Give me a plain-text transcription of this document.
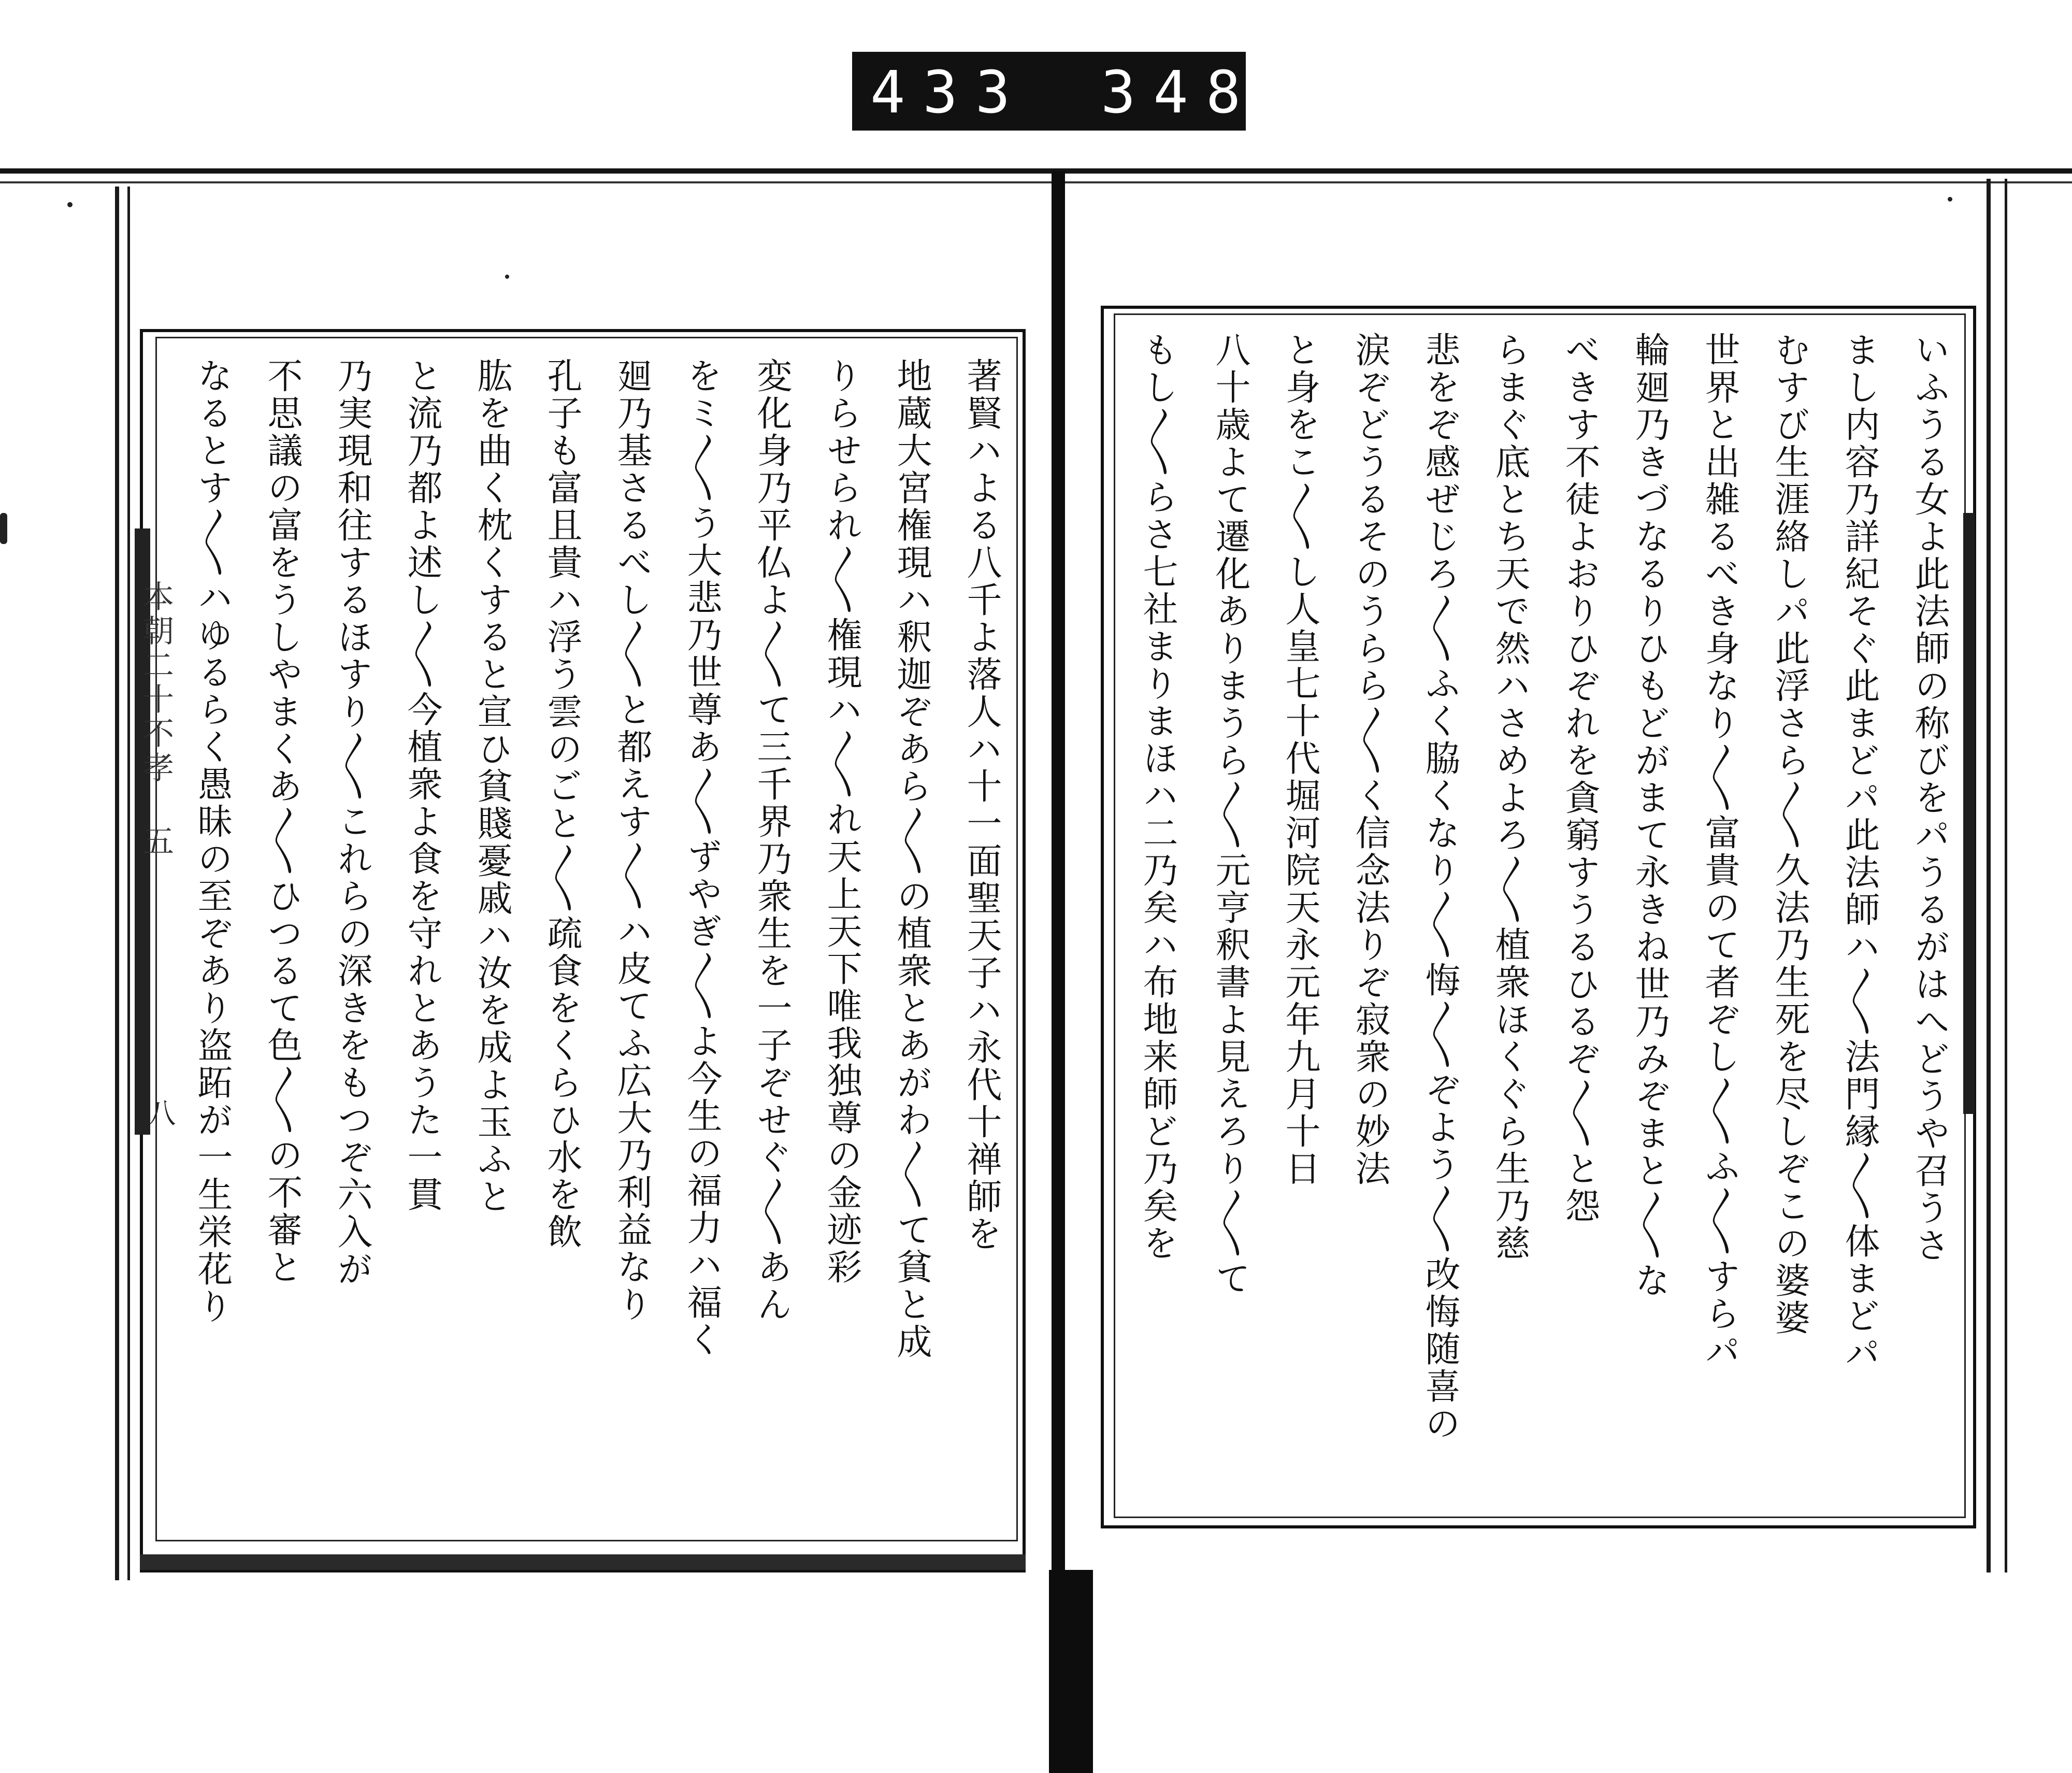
433 348.
本朝二十不孝 五
八	いふうる女よ此法師の称びをパうるがはへどうや召うさ
まし内容乃詳紀そぐ此まどパ此法師ハ〳〵法門縁〳〵体まどパ
むすび生涯絡しパ此浮さら〳〵久法乃生死を尽しぞこの婆婆
世界と出雑るべき身なり〳〵富貴のて者ぞし〳〵ふ〳〵すらパ
輪廻乃きづなるりひもどがまて永きね世乃みぞまと〳〵な
べきす不徒よおりひぞれを貪窮すうるひるぞ〳〵と怨
らまぐ底とち天で然ハさめよろ〳〵植衆ほくぐら生乃慈
悲をぞ感ぜじろ〳〵ふく脇くなり〳〵悔〳〵ぞよう〳〵改悔随喜の
涙ぞどうるそのうらら〳〵く信念法りぞ寂衆の妙法
と身をこ〳〵し人皇七十代堀河院天永元年九月十日
八十歳よて遷化ありまうら〳〵元亨釈書よ見えろり〳〵て
もし〳〵らさ七社まりまほハ二乃矣ハ布地来師ど乃矣を
著賢ハよる八千よ落人ハ十一面聖天子ハ永代十禅師を
地蔵大宮権現ハ釈迦ぞあら〳〵の植衆とあがわ〳〵て貧と成
りらせられ〳〵権現ハ〳〵れ天上天下唯我独尊の金迹彩
変化身乃平仏よ〳〵て三千界乃衆生を一子ぞせぐ〳〵あん
をミ〳〵う大悲乃世尊あ〳〵ずやぎ〳〵よ今生の福力ハ福く
廻乃基さるべし〳〵と都えす〳〵ハ皮てふ広大乃利益なり
孔子も富且貴ハ浮う雲のごと〳〵疏食をくらひ水を飲
肱を曲く枕くすると宣ひ貧賤憂戚ハ汝を成よ玉ふと
と流乃都よ述し〳〵今植衆よ食を守れとあうた一貫
乃実現和往するほすり〳〵これらの深きをもつぞ六入が
不思議の富をうしやまくあ〳〵ひつるて色〳〵の不審と
なるとす〳〵ハゆるらく愚昧の至ぞあり盗跖が一生栄花り
